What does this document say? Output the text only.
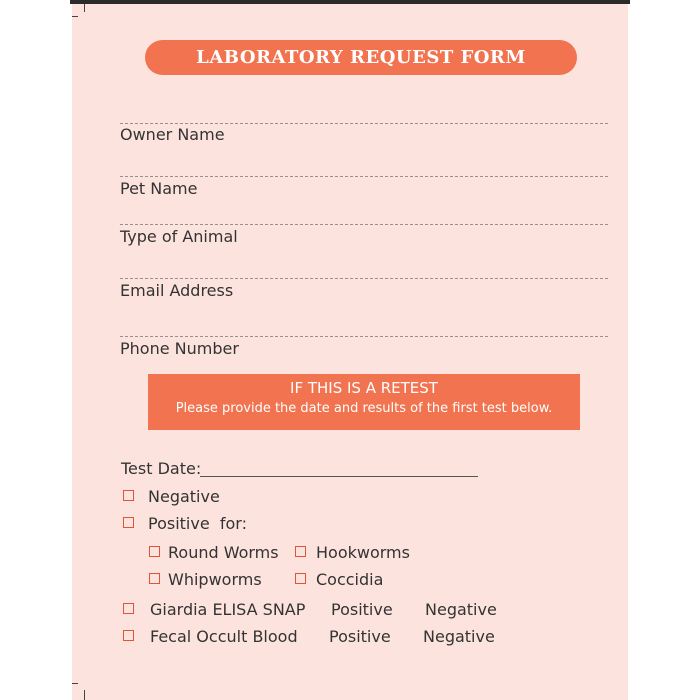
LABORATORY REQUEST FORM
Owner Name
Pet Name
Type of Animal
Email Address
Phone Number
IF THIS IS A RETEST
Please provide the date and results of the first test below.
Test Date:
Negative
Positive  for:
Round Worms Hookworms
Whipworms	Coccidia
Giardia ELISA SNAP Positive Negative
Fecal Occult Blood Positive Negative
